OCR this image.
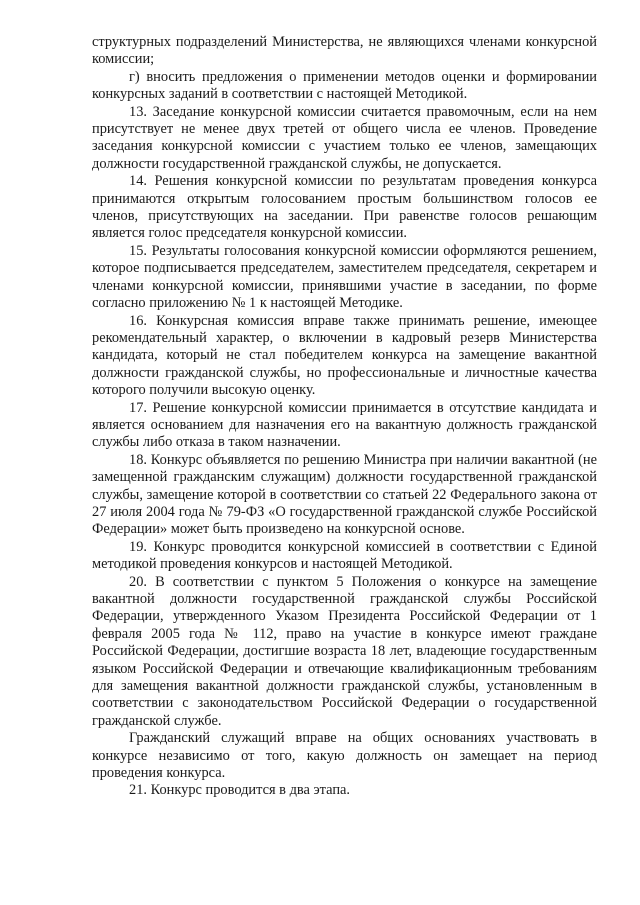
структурных подразделений Министерства, не являющихся членами конкурсной комиссии;

г) вносить предложения о применении методов оценки и формировании конкурсных заданий в соответствии с настоящей Методикой.

13. Заседание конкурсной комиссии считается правомочным, если на нем присутствует не менее двух третей от общего числа ее членов. Проведение заседания конкурсной комиссии с участием только ее членов, замещающих должности государственной гражданской службы, не допускается.

14. Решения конкурсной комиссии по результатам проведения конкурса принимаются открытым голосованием простым большинством голосов ее членов, присутствующих на заседании. При равенстве голосов решающим является голос председателя конкурсной комиссии.

15. Результаты голосования конкурсной комиссии оформляются решением, которое подписывается председателем, заместителем председателя, секретарем и членами конкурсной комиссии, принявшими участие в заседании, по форме согласно приложению № 1 к настоящей Методике.

16. Конкурсная комиссия вправе также принимать решение, имеющее рекомендательный характер, о включении в кадровый резерв Министерства кандидата, который не стал победителем конкурса на замещение вакантной должности гражданской службы, но профессиональные и личностные качества которого получили высокую оценку.

17. Решение конкурсной комиссии принимается в отсутствие кандидата и является основанием для назначения его на вакантную должность гражданской службы либо отказа в таком назначении.

18. Конкурс объявляется по решению Министра при наличии вакантной (не замещенной гражданским служащим) должности государственной гражданской службы, замещение которой в соответствии со статьей 22 Федерального закона от 27 июля 2004 года № 79-ФЗ «О государственной гражданской службе Российской Федерации» может быть произведено на конкурсной основе.

19. Конкурс проводится конкурсной комиссией в соответствии с Единой методикой проведения конкурсов и настоящей Методикой.

20. В соответствии с пунктом 5 Положения о конкурсе на замещение вакантной должности государственной гражданской службы Российской Федерации, утвержденного Указом Президента Российской Федерации от 1 февраля 2005 года № 112, право на участие в конкурсе имеют граждане Российской Федерации, достигшие возраста 18 лет, владеющие государственным языком Российской Федерации и отвечающие квалификационным требованиям для замещения вакантной должности гражданской службы, установленным в соответствии с законодательством Российской Федерации о государственной гражданской службе.

Гражданский служащий вправе на общих основаниях участвовать в конкурсе независимо от того, какую должность он замещает на период проведения конкурса.

21. Конкурс проводится в два этапа.
